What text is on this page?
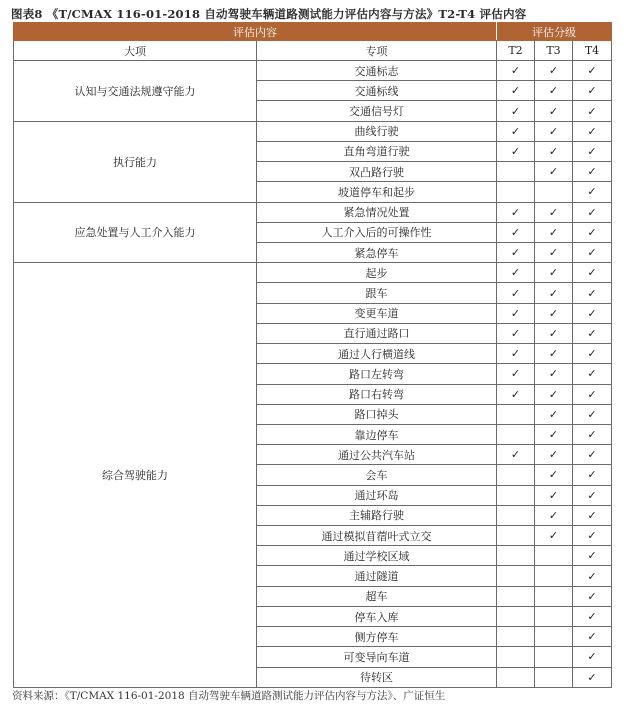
图表8 《T/CMAX 116-01-2018 自动驾驶车辆道路测试能力评估内容与方法》T2-T4 评估内容
评估内容		评估分级		
大项	专项	T2	T3	T4
认知与交通法规遵守能力	交通标志	✓	✓	✓
	交通标线	✓	✓	✓
	交通信号灯	✓	✓	✓
执行能力	曲线行驶	✓	✓	✓
	直角弯道行驶	✓	✓	✓
	双凸路行驶		✓	✓
	坡道停车和起步			✓
应急处置与人工介入能力	紧急情况处置	✓	✓	✓
	人工介入后的可操作性	✓	✓	✓
	紧急停车	✓	✓	✓
综合驾驶能力	起步	✓	✓	✓
	跟车	✓	✓	✓
	变更车道	✓	✓	✓
	直行通过路口	✓	✓	✓
	通过人行横道线	✓	✓	✓
	路口左转弯	✓	✓	✓
	路口右转弯	✓	✓	✓
	路口掉头		✓	✓
	靠边停车		✓	✓
	通过公共汽车站	✓	✓	✓
	会车		✓	✓
	通过环岛		✓	✓
	主辅路行驶		✓	✓
	通过模拟苜蓿叶式立交		✓	✓
	通过学校区域			✓
	通过隧道			✓
	超车			✓
	停车入库			✓
	侧方停车			✓
	可变导向车道			✓
	待转区			✓
资料来源：《T/CMAX 116-01-2018 自动驾驶车辆道路测试能力评估内容与方法》、广证恒生
